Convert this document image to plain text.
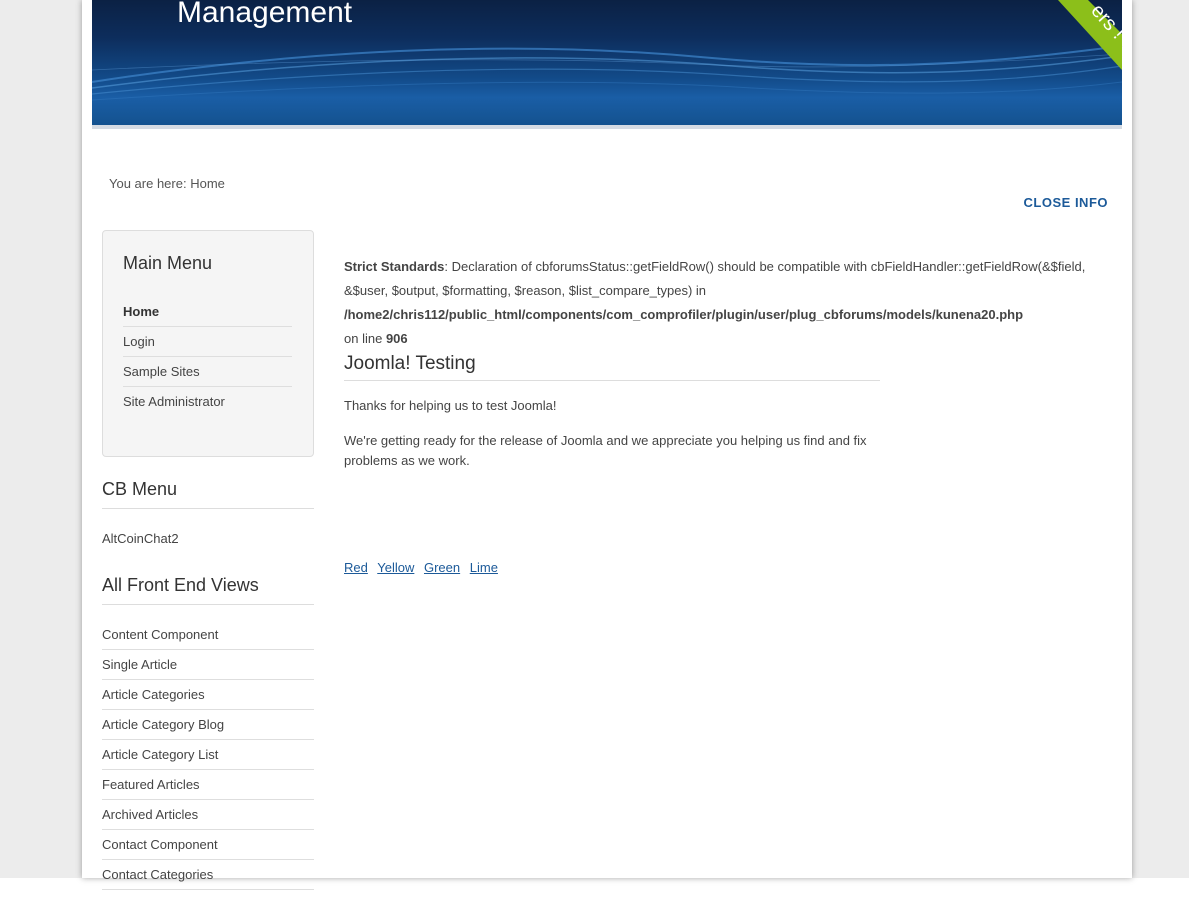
Management	ers !
You are here: Home
CLOSE INFO
Main Menu
Home
Login
Sample Sites
Site Administrator
CB Menu
AltCoinChat2
All Front End Views
Content Component
Single Article
Article Categories
Article Category Blog
Article Category List
Featured Articles
Archived Articles
Contact Component
Contact Categories

Strict Standards: Declaration of cbforumsStatus::getFieldRow() should be compatible with cbFieldHandler::getFieldRow(&$field, &$user, $output, $formatting, $reason, $list_compare_types) in
/home2/chris112/public_html/components/com_comprofiler/plugin/user/plug_cbforums/models/kunena20.php
on line 906

Joomla! Testing

Thanks for helping us to test Joomla!

We're getting ready for the release of Joomla and we appreciate you helping us find and fix problems as we work.

Red Yellow Green Lime
